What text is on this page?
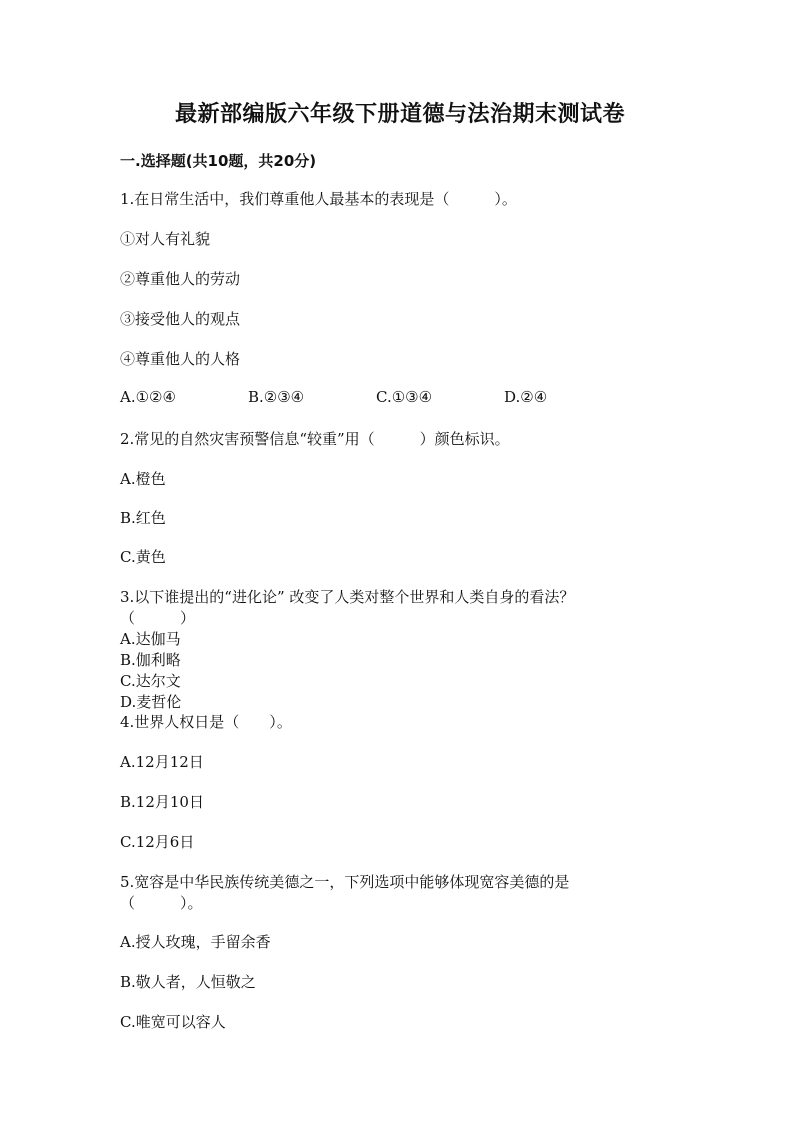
最新部编版六年级下册道德与法治期末测试卷
一.选择题(共10题，共20分)
1.在日常生活中，我们尊重他人最基本的表现是（　　　）。
①对人有礼貌
②尊重他人的劳动
③接受他人的观点
④尊重他人的人格
A.①②④	B.②③④	C.①③④	D.②④
2.常见的自然灾害预警信息“较重”用（　　　）颜色标识。
A.橙色
B.红色
C.黄色
3.以下谁提出的“进化论” 改变了人类对整个世界和人类自身的看法？
（　　　）
A.达伽马
B.伽利略
C.达尔文
D.麦哲伦
4.世界人权日是（　　）。
A.12月12日
B.12月10日
C.12月6日
5.宽容是中华民族传统美德之一，下列选项中能够体现宽容美德的是
（　　　）。
A.授人玫瑰，手留余香
B.敬人者，人恒敬之
C.唯宽可以容人
